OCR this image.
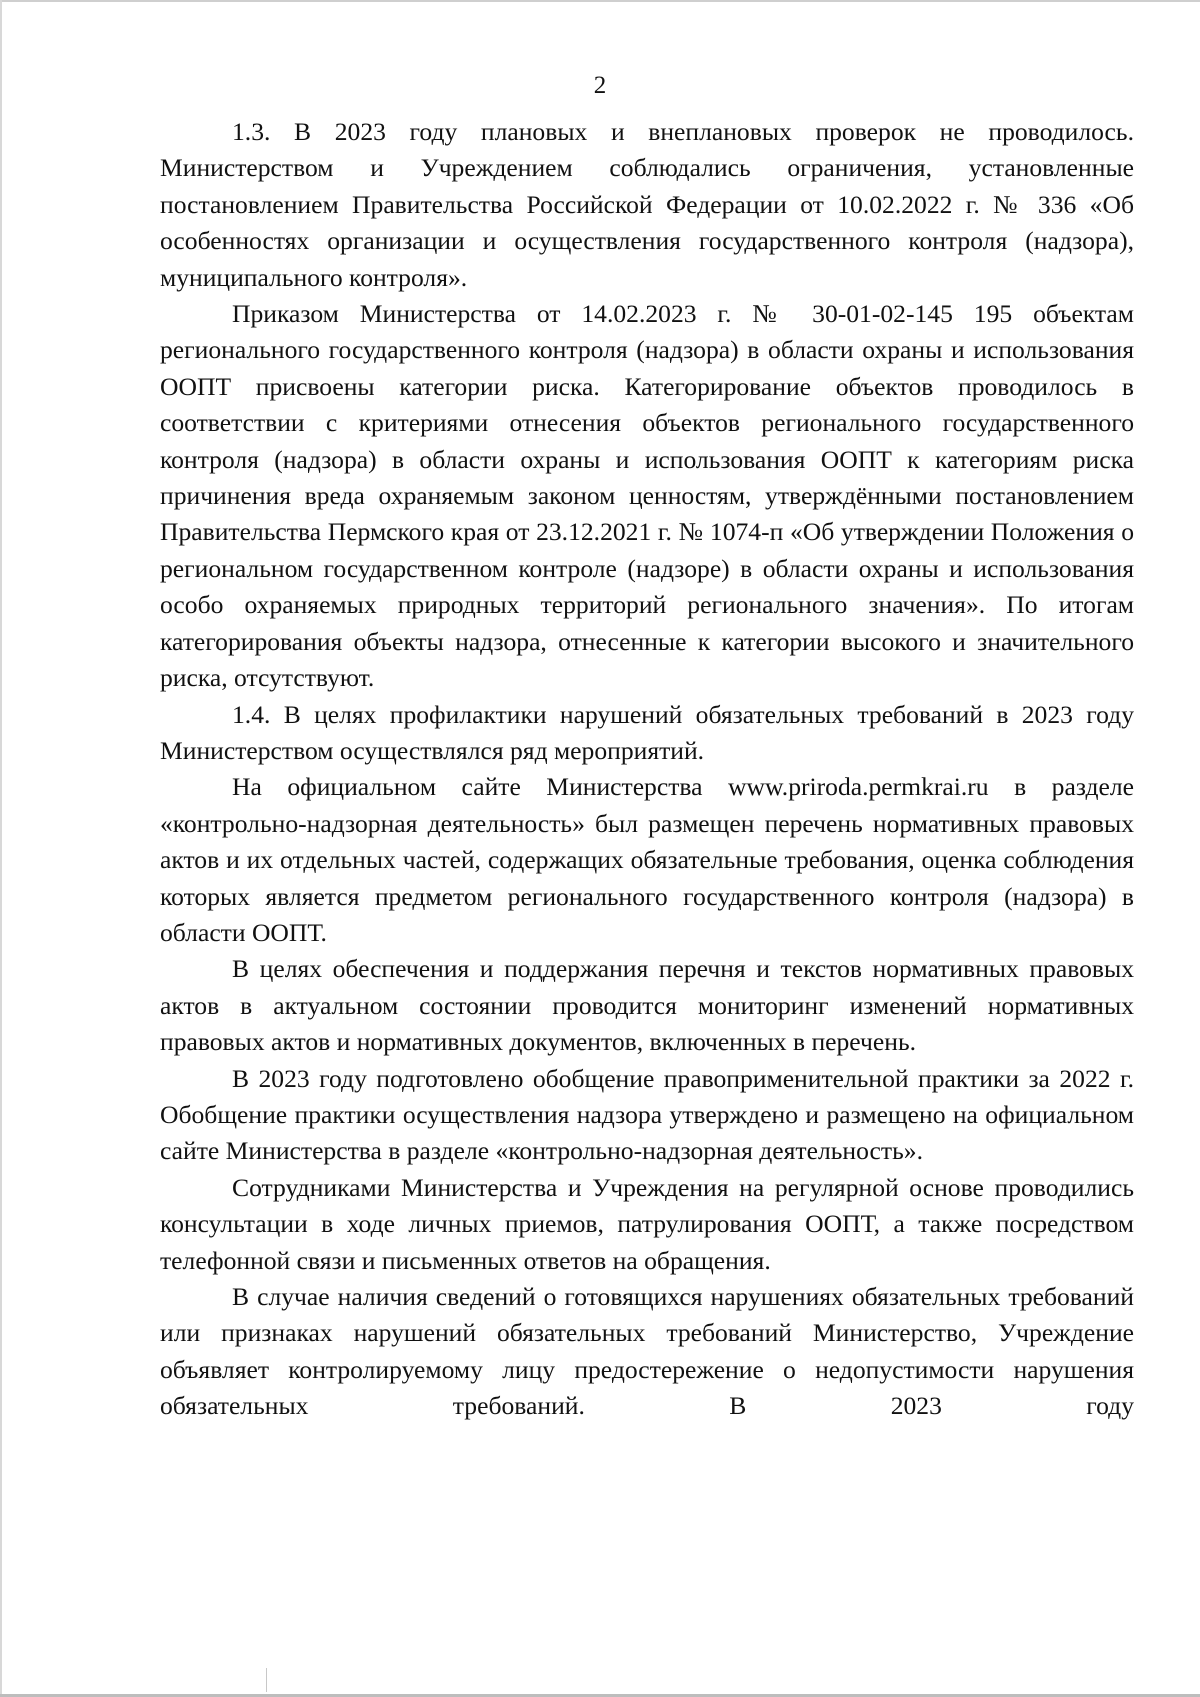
2

1.3. В 2023 году плановых и внеплановых проверок не проводилось. Министерством и Учреждением соблюдались ограничения, установленные постановлением Правительства Российской Федерации от 10.02.2022 г. № 336 «Об особенностях организации и осуществления государственного контроля (надзора), муниципального контроля».

Приказом Министерства от 14.02.2023 г. № 30-01-02-145 195 объектам регионального государственного контроля (надзора) в области охраны и использования ООПТ присвоены категории риска. Категорирование объектов проводилось в соответствии с критериями отнесения объектов регионального государственного контроля (надзора) в области охраны и использования ООПТ к категориям риска причинения вреда охраняемым законом ценностям, утверждёнными постановлением Правительства Пермского края от 23.12.2021 г. № 1074-п «Об утверждении Положения о региональном государственном контроле (надзоре) в области охраны и использования особо охраняемых природных территорий регионального значения». По итогам категорирования объекты надзора, отнесенные к категории высокого и значительного риска, отсутствуют.

1.4. В целях профилактики нарушений обязательных требований в 2023 году Министерством осуществлялся ряд мероприятий.

На официальном сайте Министерства www.priroda.permkrai.ru в разделе «контрольно-надзорная деятельность» был размещен перечень нормативных правовых актов и их отдельных частей, содержащих обязательные требования, оценка соблюдения которых является предметом регионального государственного контроля (надзора) в области ООПТ.

В целях обеспечения и поддержания перечня и текстов нормативных правовых актов в актуальном состоянии проводится мониторинг изменений нормативных правовых актов и нормативных документов, включенных в перечень.

В 2023 году подготовлено обобщение правоприменительной практики за 2022 г. Обобщение практики осуществления надзора утверждено и размещено на официальном сайте Министерства в разделе «контрольно-надзорная деятельность».

Сотрудниками Министерства и Учреждения на регулярной основе проводились консультации в ходе личных приемов, патрулирования ООПТ, а также посредством телефонной связи и письменных ответов на обращения.

В случае наличия сведений о готовящихся нарушениях обязательных требований или признаках нарушений обязательных требований Министерство, Учреждение объявляет контролируемому лицу предостережение о недопустимости нарушения обязательных требований. В 2023 году
